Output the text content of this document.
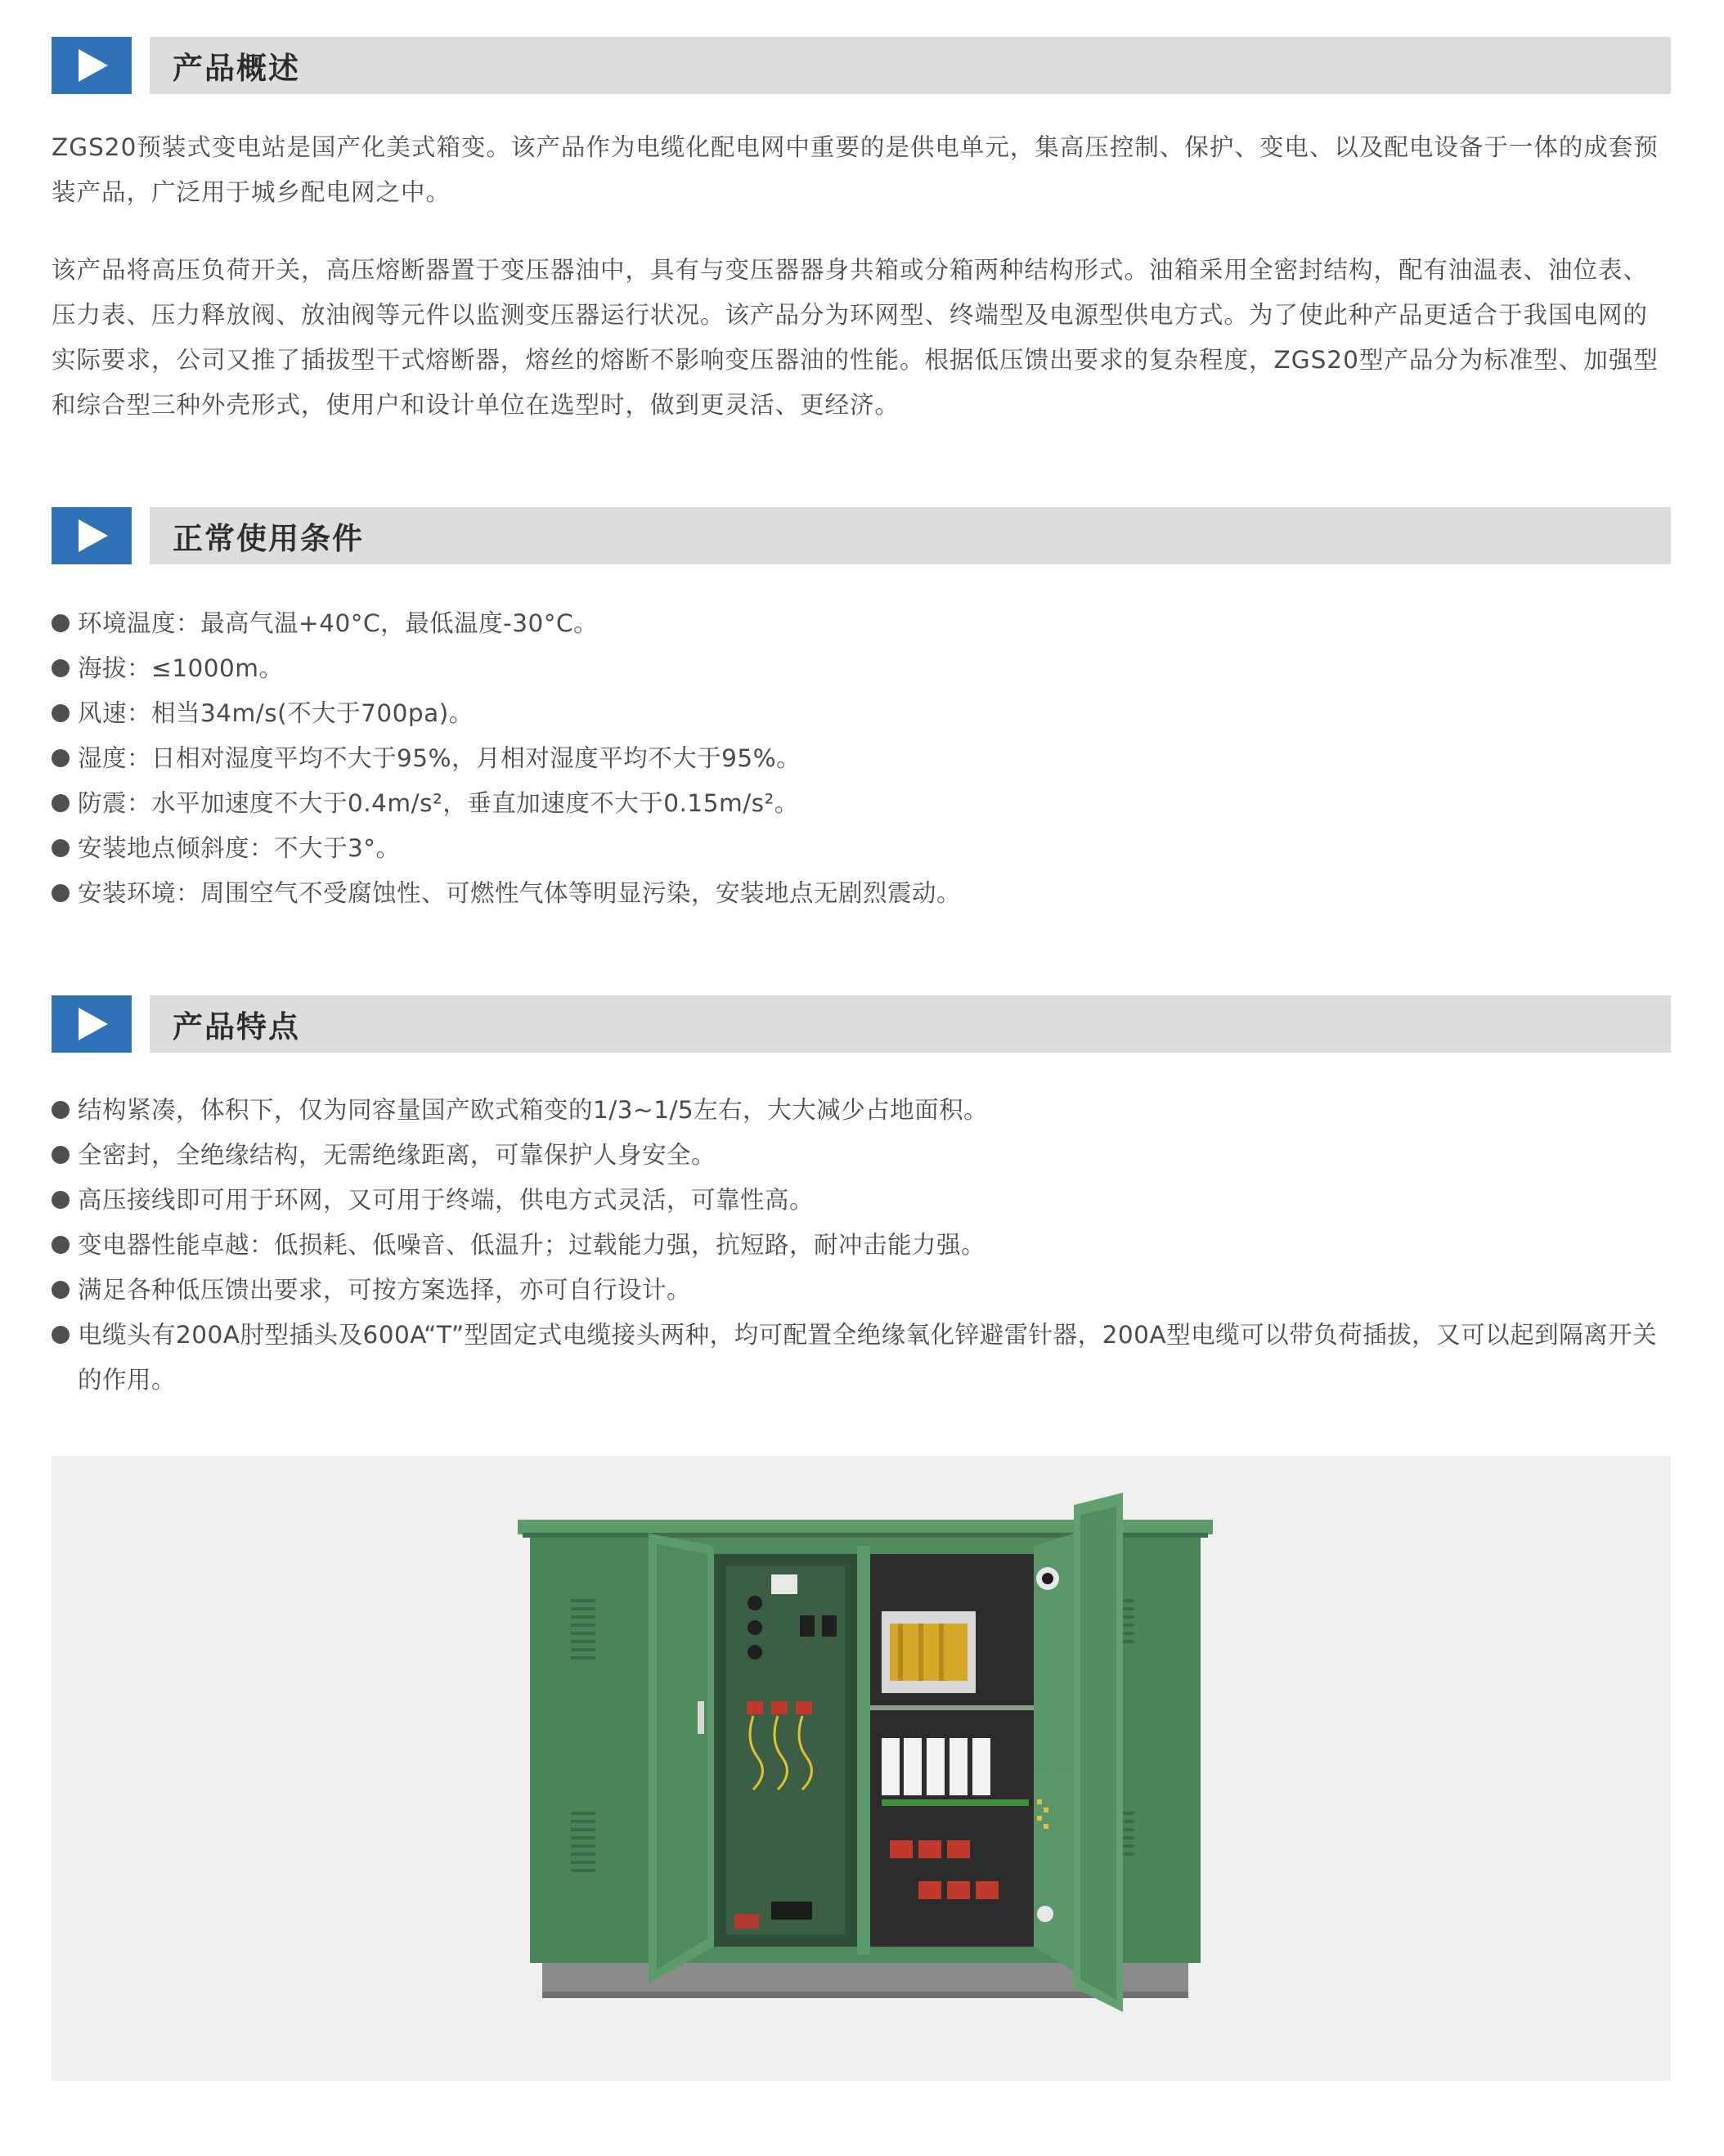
产品概述

ZGS20预装式变电站是国产化美式箱变。该产品作为电缆化配电网中重要的是供电单元，集高压控制、保护、变电、以及配电设备于一体的成套预装产品，广泛用于城乡配电网之中。

该产品将高压负荷开关，高压熔断器置于变压器油中，具有与变压器器身共箱或分箱两种结构形式。油箱采用全密封结构，配有油温表、油位表、压力表、压力释放阀、放油阀等元件以监测变压器运行状况。该产品分为环网型、终端型及电源型供电方式。为了使此种产品更适合于我国电网的实际要求，公司又推了插拔型干式熔断器，熔丝的熔断不影响变压器油的性能。根据低压馈出要求的复杂程度，ZGS20型产品分为标准型、加强型和综合型三种外壳形式，使用户和设计单位在选型时，做到更灵活、更经济。

正常使用条件
环境温度：最高气温+40°C，最低温度-30°C。
海拔：≤1000m。
风速：相当34m/s(不大于700pa)。
湿度：日相对湿度平均不大于95%，月相对湿度平均不大于95%。
防震：水平加速度不大于0.4m/s²，垂直加速度不大于0.15m/s²。
安装地点倾斜度：不大于3°。
安装环境：周围空气不受腐蚀性、可燃性气体等明显污染，安装地点无剧烈震动。
产品特点
结构紧凑，体积下，仅为同容量国产欧式箱变的1/3~1/5左右，大大减少占地面积。
全密封，全绝缘结构，无需绝缘距离，可靠保护人身安全。
高压接线即可用于环网，又可用于终端，供电方式灵活，可靠性高。
变电器性能卓越：低损耗、低噪音、低温升；过载能力强，抗短路，耐冲击能力强。
满足各种低压馈出要求，可按方案选择，亦可自行设计。
电缆头有200A肘型插头及600A“T”型固定式电缆接头两种，均可配置全绝缘氧化锌避雷针器，200A型电缆可以带负荷插拔，又可以起到隔离开关的作用。
